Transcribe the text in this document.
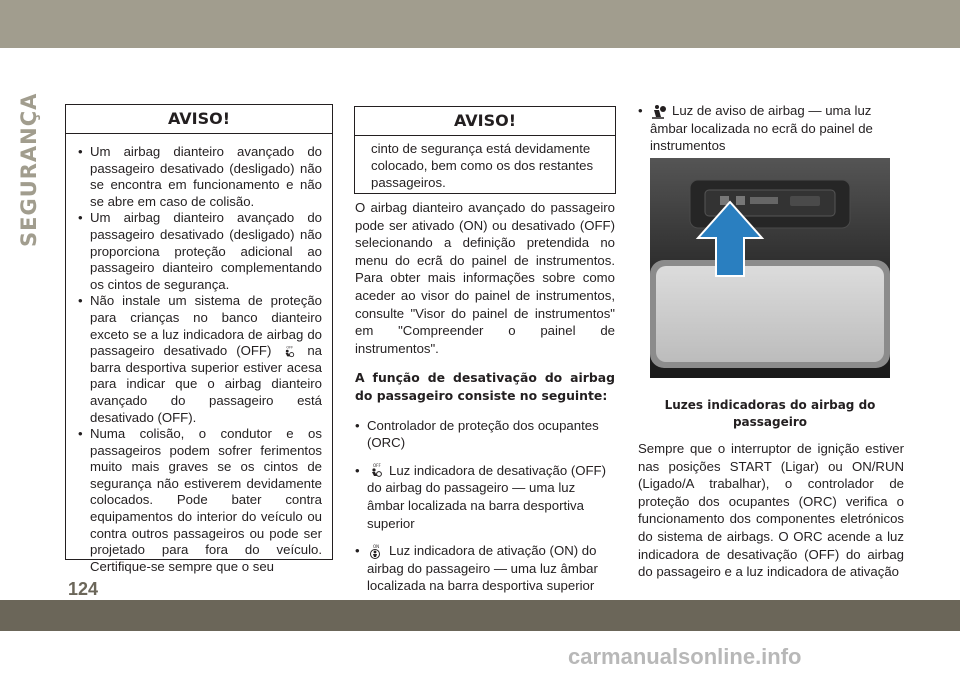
SEGURANÇA	AVISO!
• Um airbag dianteiro avançado do passageiro desativado (desligado) não se encontra em funcionamento e não se abre em caso de colisão.
• Um airbag dianteiro avançado do passageiro desativado (desligado) não proporciona proteção adicional ao passageiro dianteiro complementando os cintos de segurança.
• Não instale um sistema de proteção para crianças no banco dianteiro exceto se a luz indicadora de airbag do passageiro desativado (OFF)	OFF na barra desportiva superior estiver acesa para indicar que o airbag dianteiro avançado do passageiro está desativado (OFF).
• Numa colisão, o condutor e os passageiros podem sofrer ferimentos muito mais graves se os cintos de segurança não estiverem devidamente colocados. Pode bater contra equipamentos do interior do veículo ou contra outros passageiros ou pode ser projetado para fora do veículo. Certifique-se sempre que o seu
AVISO!

cinto de segurança está devidamente colocado, bem como os dos restantes passageiros.

O airbag dianteiro avançado do passageiro pode ser ativado (ON) ou desativado (OFF) selecionando a definição pretendida no menu do ecrã do painel de instrumentos. Para obter mais informações sobre como aceder ao visor do painel de instrumentos, consulte "Visor do painel de instrumentos" em "Compreender o painel de instrumentos".

A função de desativação do airbag do passageiro consiste no seguinte:

• Controlador de proteção dos ocupantes (ORC)
•	OFF Luz indicadora de desativação (OFF) do airbag do passageiro — uma luz âmbar localizada na barra desportiva superior
•	ON Luz indicadora de ativação (ON) do airbag do passageiro — uma luz âmbar localizada na barra desportiva superior
• Luz de aviso de airbag — uma luz âmbar localizada no ecrã do painel de instrumentos
Luzes indicadoras do airbag do passageiro

Sempre que o interruptor de ignição estiver nas posições START (Ligar) ou ON/RUN (Ligado/A trabalhar), o controlador de proteção dos ocupantes (ORC) verifica o funcionamento dos componentes eletrónicos do sistema de airbags. O ORC acende a luz indicadora de desativação (OFF) do airbag do passageiro e a luz indicadora de ativação

124
carmanualsonline.info
